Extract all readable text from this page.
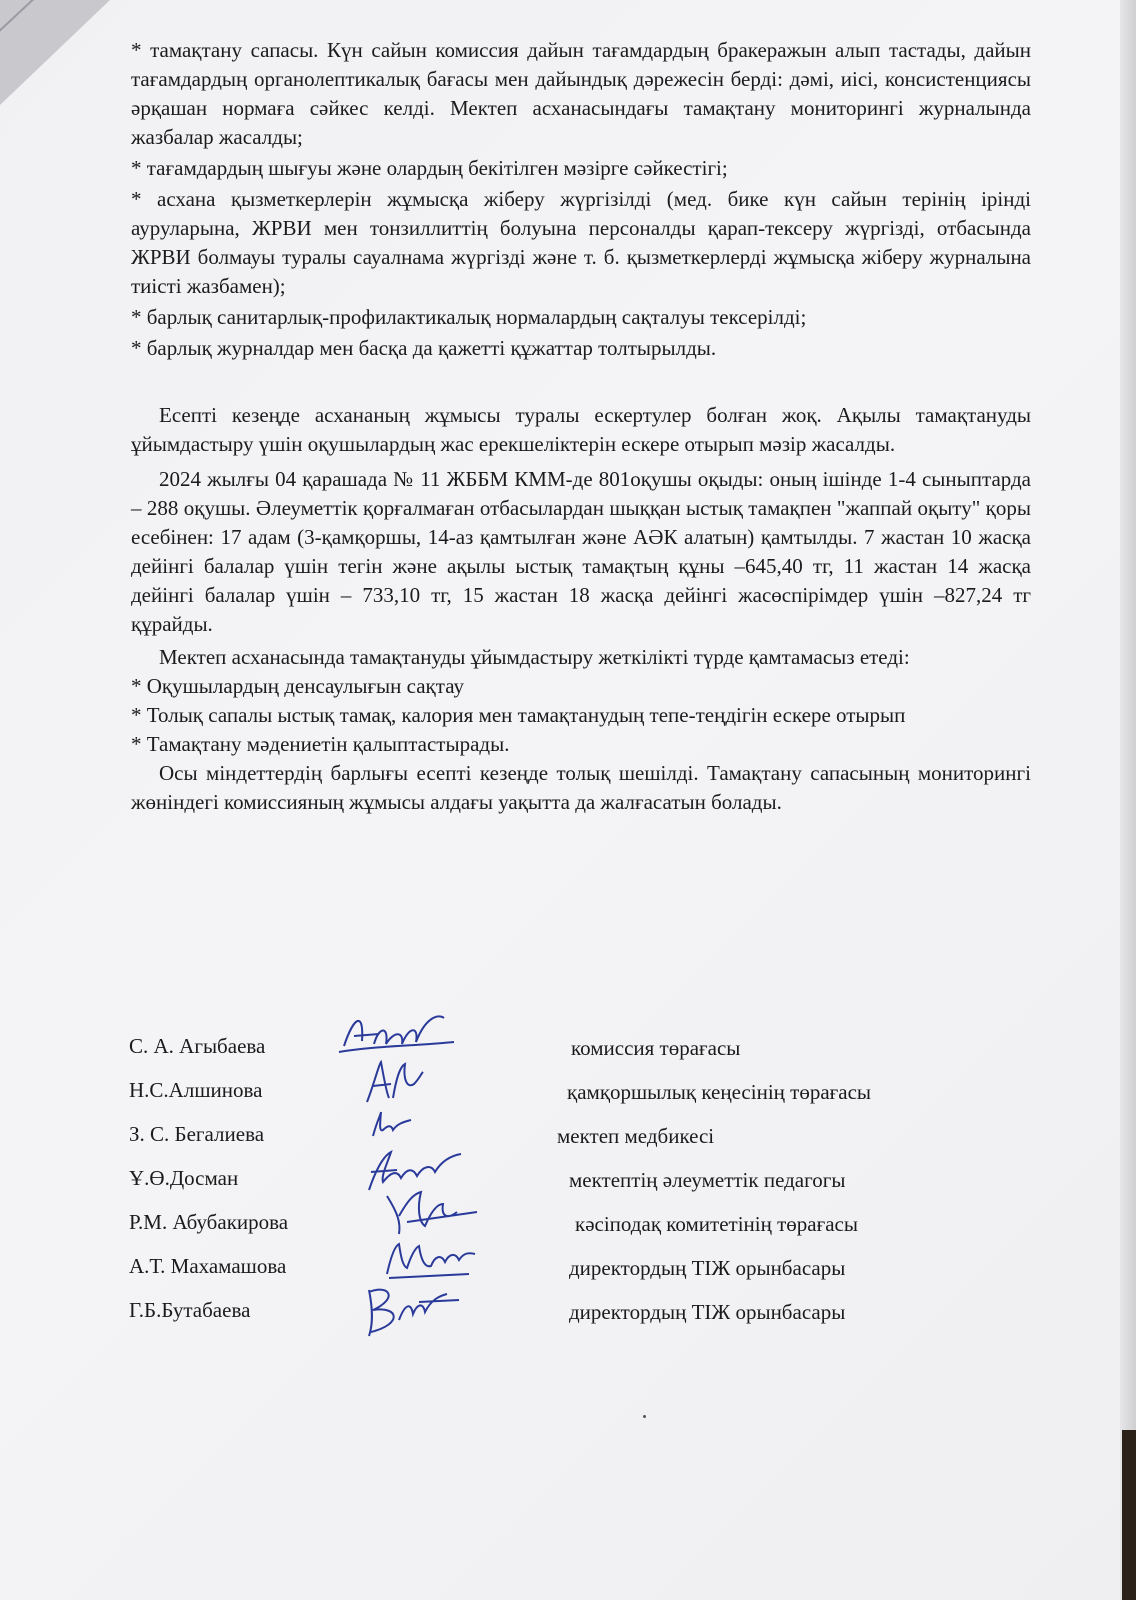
* тамақтану сапасы. Күн сайын комиссия дайын тағамдардың бракеражын алып тастады, дайын тағамдардың органолептикалық бағасы мен дайындық дәрежесін берді: дәмі, иісі, консистенциясы әрқашан нормаға сәйкес келді. Мектеп асханасындағы тамақтану мониторингі журналында жазбалар жасалды;

* тағамдардың шығуы және олардың бекітілген мәзірге сәйкестігі;

* асхана қызметкерлерін жұмысқа жіберу жүргізілді (мед. бике күн сайын терінің ірінді ауруларына, ЖРВИ мен тонзиллиттің болуына персоналды қарап-тексеру жүргізді, отбасында ЖРВИ болмауы туралы сауалнама жүргізді және т. б. қызметкерлерді жұмысқа жіберу журналына тиісті жазбамен);

* барлық санитарлық-профилактикалық нормалардың сақталуы тексерілді;

* барлық журналдар мен басқа да қажетті құжаттар толтырылды.

Есепті кезеңде асхананың жұмысы туралы ескертулер болған жоқ. Ақылы тамақтануды ұйымдастыру үшін оқушылардың жас ерекшеліктерін ескере отырып мәзір жасалды.

2024 жылғы 04 қарашада № 11 ЖББМ КММ-де 801оқушы оқыды: оның ішінде 1-4 сыныптарда – 288 оқушы. Әлеуметтік қорғалмаған отбасылардан шыққан ыстық тамақпен "жаппай оқыту" қоры есебінен: 17 адам (3-қамқоршы, 14-аз қамтылған және АӘК алатын) қамтылды. 7 жастан 10 жасқа дейінгі балалар үшін тегін және ақылы ыстық тамақтың құны –645,40 тг, 11 жастан 14 жасқа дейінгі балалар үшін – 733,10 тг, 15 жастан 18 жасқа дейінгі жасөспірімдер үшін –827,24 тг құрайды.

Мектеп асханасында тамақтануды ұйымдастыру жеткілікті түрде қамтамасыз етеді:

* Оқушылардың денсаулығын сақтау

* Толық сапалы ыстық тамақ, калория мен тамақтанудың тепе-теңдігін ескере отырып

* Тамақтану мәдениетін қалыптастырады.

Осы міндеттердің барлығы есепті кезеңде толық шешілді. Тамақтану сапасының мониторингі жөніндегі комиссияның жұмысы алдағы уақытта да жалғасатын болады.

С. А. Агыбаева	комиссия төрағасы
Н.С.Алшинова	қамқоршылық кеңесінің төрағасы
З. С. Бегалиева	мектеп медбикесі
Ұ.Ө.Досман	мектептің әлеуметтік педагогы
Р.М. Абубакирова	кәсіподақ комитетінің төрағасы
А.Т. Махамашова	директордың ТІЖ орынбасары
Г.Б.Бутабаева	директордың ТІЖ орынбасары
